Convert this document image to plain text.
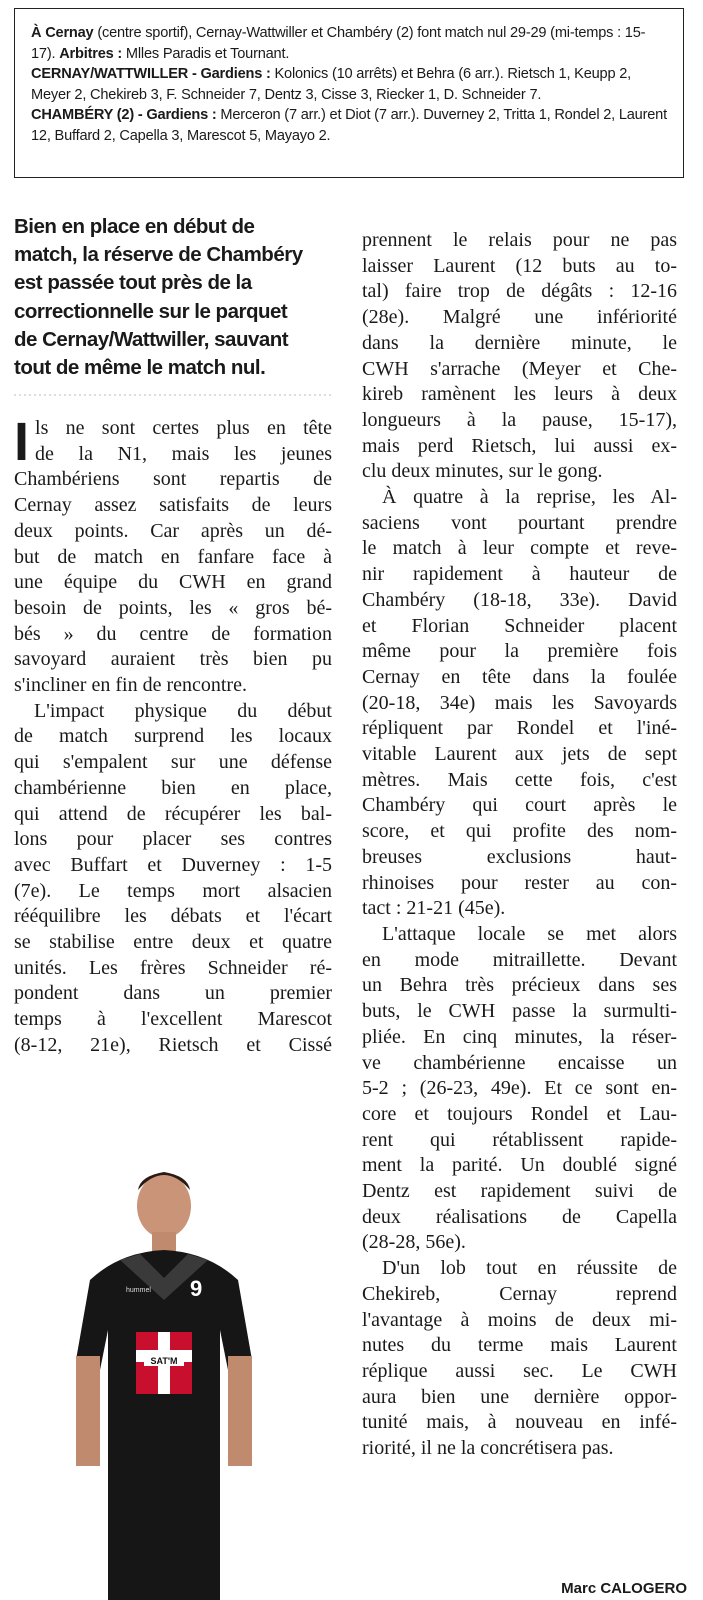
À Cernay (centre sportif), Cernay-Wattwiller et Chambéry (2) font match nul 29-29 (mi-temps : 15-17). Arbitres : Mlles Paradis et Tournant.
CERNAY/WATTWILLER - Gardiens : Kolonics (10 arrêts) et Behra (6 arr.). Rietsch 1, Keupp 2, Meyer 2, Chekireb 3, F. Schneider 7, Dentz 3, Cisse 3, Riecker 1, D. Schneider 7.
CHAMBÉRY (2) - Gardiens : Merceron (7 arr.) et Diot (7 arr.). Duverney 2, Tritta 1, Rondel 2, Laurent 12, Buffard 2, Capella 3, Marescot 5, Mayayo 2.

Bien en place en début de
match, la réserve de Chambéry
est passée tout près de la
correctionnelle sur le parquet
de Cernay/Wattwiller, sauvant
tout de même le match nul.
I ls ne sont certes plus en tête
de la N1, mais les jeunes
Chambériens sont repartis de
Cernay assez satisfaits de leurs
deux points. Car après un dé-
but de match en fanfare face à
une équipe du CWH en grand
besoin de points, les « gros bé-
bés » du centre de formation
savoyard auraient très bien pu
s'incliner en fin de rencontre.
L'impact physique du début
de match surprend les locaux
qui s'empalent sur une défense
chambérienne bien en place,
qui attend de récupérer les bal-
lons pour placer ses contres
avec Buffart et Duverney : 1-5
(7e). Le temps mort alsacien
rééquilibre les débats et l'écart
se stabilise entre deux et quatre
unités. Les frères Schneider ré-
pondent dans un premier
temps à l'excellent Marescot
(8-12, 21e), Rietsch et Cissé
prennent le relais pour ne pas
laisser Laurent (12 buts au to-
tal) faire trop de dégâts : 12-16
(28e). Malgré une infériorité
dans la dernière minute, le
CWH s'arrache (Meyer et Che-
kireb ramènent les leurs à deux
longueurs à la pause, 15-17),
mais perd Rietsch, lui aussi ex-
clu deux minutes, sur le gong.
À quatre à la reprise, les Al-
saciens vont pourtant prendre
le match à leur compte et reve-
nir rapidement à hauteur de
Chambéry (18-18, 33e). David
et Florian Schneider placent
même pour la première fois
Cernay en tête dans la foulée
(20-18, 34e) mais les Savoyards
répliquent par Rondel et l'iné-
vitable Laurent aux jets de sept
mètres. Mais cette fois, c'est
Chambéry qui court après le
score, et qui profite des nom-
breuses exclusions haut-
rhinoises pour rester au con-
tact : 21-21 (45e).
L'attaque locale se met alors
en mode mitraillette. Devant
un Behra très précieux dans ses
buts, le CWH passe la surmulti-
pliée. En cinq minutes, la réser-
ve chambérienne encaisse un
5-2 ; (26-23, 49e). Et ce sont en-
core et toujours Rondel et Lau-
rent qui rétablissent rapide-
ment la parité. Un doublé signé
Dentz est rapidement suivi de
deux réalisations de Capella
(28-28, 56e).
D'un lob tout en réussite de
Chekireb, Cernay reprend
l'avantage à moins de deux mi-
nutes du terme mais Laurent
réplique aussi sec. Le CWH
aura bien une dernière oppor-
tunité mais, à nouveau en infé-
riorité, il ne la concrétisera pas.
SAT'M
9
hummel
Marc CALOGERO
